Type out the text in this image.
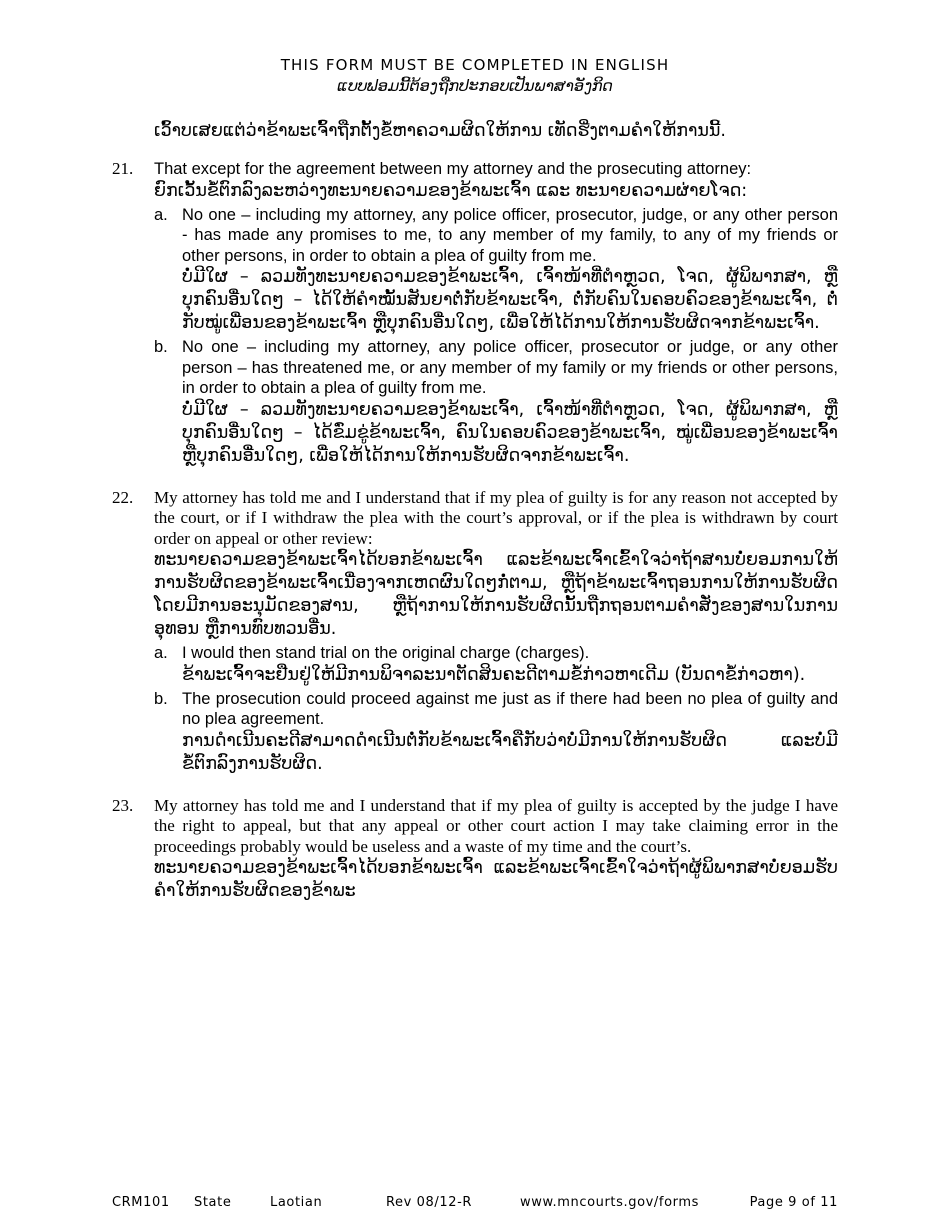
THIS FORM MUST BE COMPLETED IN ENGLISH
ແບບຟອມນີ້ຕ້ອງຖືກປະກອບເປັນພາສາອັງກິດ

ເວົ້າບເສຍແຕ່ວ່າຂ້າພະເຈົ້າຖືກຕັ້ງຂໍ້ຫາຄວາມຜິດໃຫ້ການ ເທັດຮີ່ງຕາມຄໍາໃຫ້ການນີ້.

21.	That except for the agreement between my attorney and the prosecuting attorney:

ຍົກເວັ້ນຂໍ້ຕົກລົງລະຫວ່າງທະນາຍຄວາມຂອງຂ້າພະເຈົ້າ ແລະ ທະນາຍຄວາມຜ່າຍໂຈດ:

a. No one – including my attorney, any police officer, prosecutor, judge, or any other person - has made any promises to me, to any member of my family, to any of my friends or other persons, in order to obtain a plea of guilty from me.

ບໍ່ມີໃຜ – ລວມທັງທະນາຍຄວາມຂອງຂ້າພະເຈົ້າ, ເຈົ້າໜ້າທີ່ຕໍາຫຼວດ, ໂຈດ, ຜູ້ພິພາກສາ, ຫຼືບຸກຄົນອື່ນໃດໆ – ໄດ້ໃຫ້ຄໍາໝັ້ນສັນຍາຕໍ່ກັບຂ້າພະເຈົ້າ, ຕໍ່ກັບຄົນໃນຄອບຄົວຂອງຂ້າພະເຈົ້າ, ຕໍ່ກັບໝູ່ເພື່ອນຂອງຂ້າພະເຈົ້າ ຫຼືບຸກຄົນອື່ນໃດໆ, ເພື່ອໃຫ້ໄດ້ການໃຫ້ການຮັບຜິດຈາກຂ້າພະເຈົ້າ.

b. No one – including my attorney, any police officer, prosecutor or judge, or any other person – has threatened me, or any member of my family or my friends or other persons, in order to obtain a plea of guilty from me.

ບໍ່ມີໃຜ – ລວມທັງທະນາຍຄວາມຂອງຂ້າພະເຈົ້າ, ເຈົ້າໜ້າທີ່ຕໍາຫຼວດ, ໂຈດ, ຜູ້ພິພາກສາ, ຫຼືບຸກຄົນອື່ນໃດໆ – ໄດ້ຂົ່ມຂູ່ຂ້າພະເຈົ້າ, ຄົນໃນຄອບຄົວຂອງຂ້າພະເຈົ້າ, ໝູ່ເພື່ອນຂອງຂ້າພະເຈົ້າ ຫຼືບຸກຄົນອື່ນໃດໆ, ເພື່ອໃຫ້ໄດ້ການໃຫ້ການຮັບຜິດຈາກຂ້າພະເຈົ້າ.

22.	My attorney has told me and I understand that if my plea of guilty is for any reason not accepted by the court, or if I withdraw the plea with the court’s approval, or if the plea is withdrawn by court order on appeal or other review:

ທະນາຍຄວາມຂອງຂ້າພະເຈົ້າໄດ້ບອກຂ້າພະເຈົ້າ ແລະຂ້າພະເຈົ້າເຂົ້າໃຈວ່າຖ້າສານບໍ່ຍອມການໃຫ້ການຮັບຜິດຂອງຂ້າພະເຈົ້າເນື່ອງຈາກເຫດຜົນໃດໆກໍ່ຕາມ, ຫຼືຖ້າຂ້າພະເຈົ້າຖອນການໃຫ້ການຮັບຜິດໂດຍມີການອະນຸມັດຂອງສານ, ຫຼືຖ້າການໃຫ້ການຮັບຜິດນັ້ນຖືກຖອນຕາມຄໍາສັ່ງຂອງສານໃນການອຸທອນ ຫຼືການທົບທວນອື່ນ.

a. I would then stand trial on the original charge (charges).

ຂ້າພະເຈົ້າຈະຢືນຢູ່ໃຫ້ມີການພິຈາລະນາຕັດສິນຄະດີຕາມຂໍ້ກ່າວຫາເດີມ (ບັນດາຂໍ້ກ່າວຫາ).

b. The prosecution could proceed against me just as if there had been no plea of guilty and no plea agreement.

ການດໍາເນີນຄະດີສາມາດດໍາເນີນຕໍ່ກັບຂ້າພະເຈົ້າຄືກັບວ່າບໍ່ມີການໃຫ້ການຮັບຜິດ ແລະບໍ່ມີຂໍ້ຕົກລົງການຮັບຜິດ.

23.	My attorney has told me and I understand that if my plea of guilty is accepted by the judge I have the right to appeal, but that any appeal or other court action I may take claiming error in the proceedings probably would be useless and a waste of my time and the court’s.

ທະນາຍຄວາມຂອງຂ້າພະເຈົ້າໄດ້ບອກຂ້າພະເຈົ້າ ແລະຂ້າພະເຈົ້າເຂົ້າໃຈວ່າຖ້າຜູ້ພິພາກສາບໍ່ຍອມຮັບຄໍາໃຫ້ການຮັບຜິດຂອງຂ້າພະ

CRM101 State	Laotian	Rev 08/12-R	www.mncourts.gov/forms	Page 9 of 11
